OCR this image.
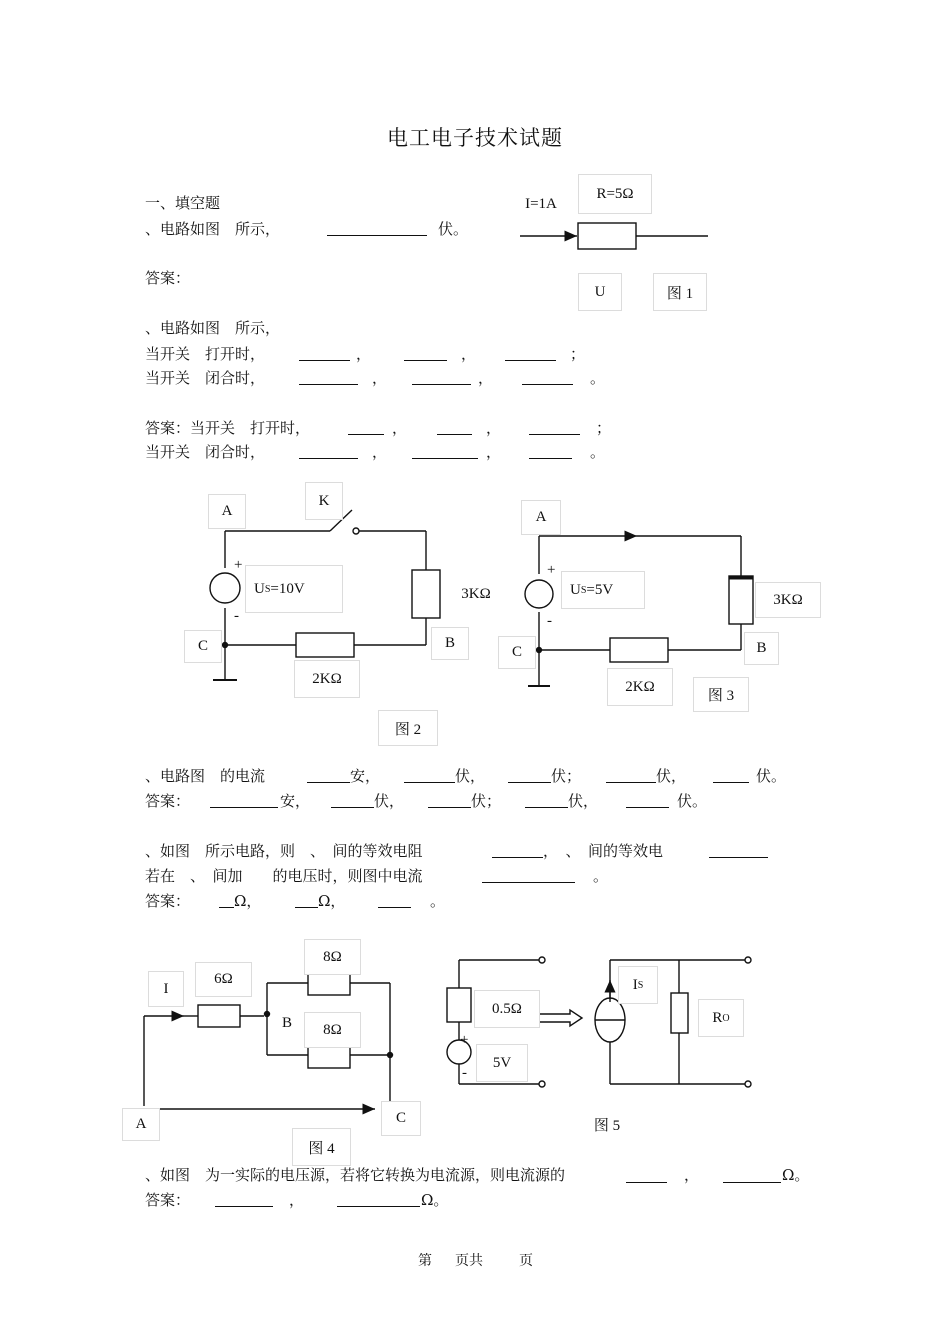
电工电子技术试题
一、填空题
、电路如图　所示，	伏。
答案：
、电路如图　所示，
当开关　打开时，	，	，	；
当开关　闭合时，	，	，	。
答案：当开关　打开时，	，	，	；
当开关　闭合时，	，	，	。
I=1A
R=5Ω
U	图 1
A
K
+
-
U S =10V	3KΩ
C	B
2KΩ
图 2
A
+
-
U S =5V
3KΩ
C	B
2KΩ
图 3
、电路图　的电流	安，	伏，	伏；	伏，	伏。
答案：	安，	伏，	伏；	伏，	伏。
、如图　所示电路，则　、　间的等效电阻	，　、　间的等效电
若在　、　间加　　的电压时，则图中电流	。
答案：	Ω，	Ω，	。
8Ω
I
6Ω
B	8Ω
C
A
图 4
0.5Ω
+
-
5V
I S
R O
图 5
、如图　为一实际的电压源，若将它转换为电流源，则电流源的	，	Ω。
答案：	，	Ω。
第 页共	页
